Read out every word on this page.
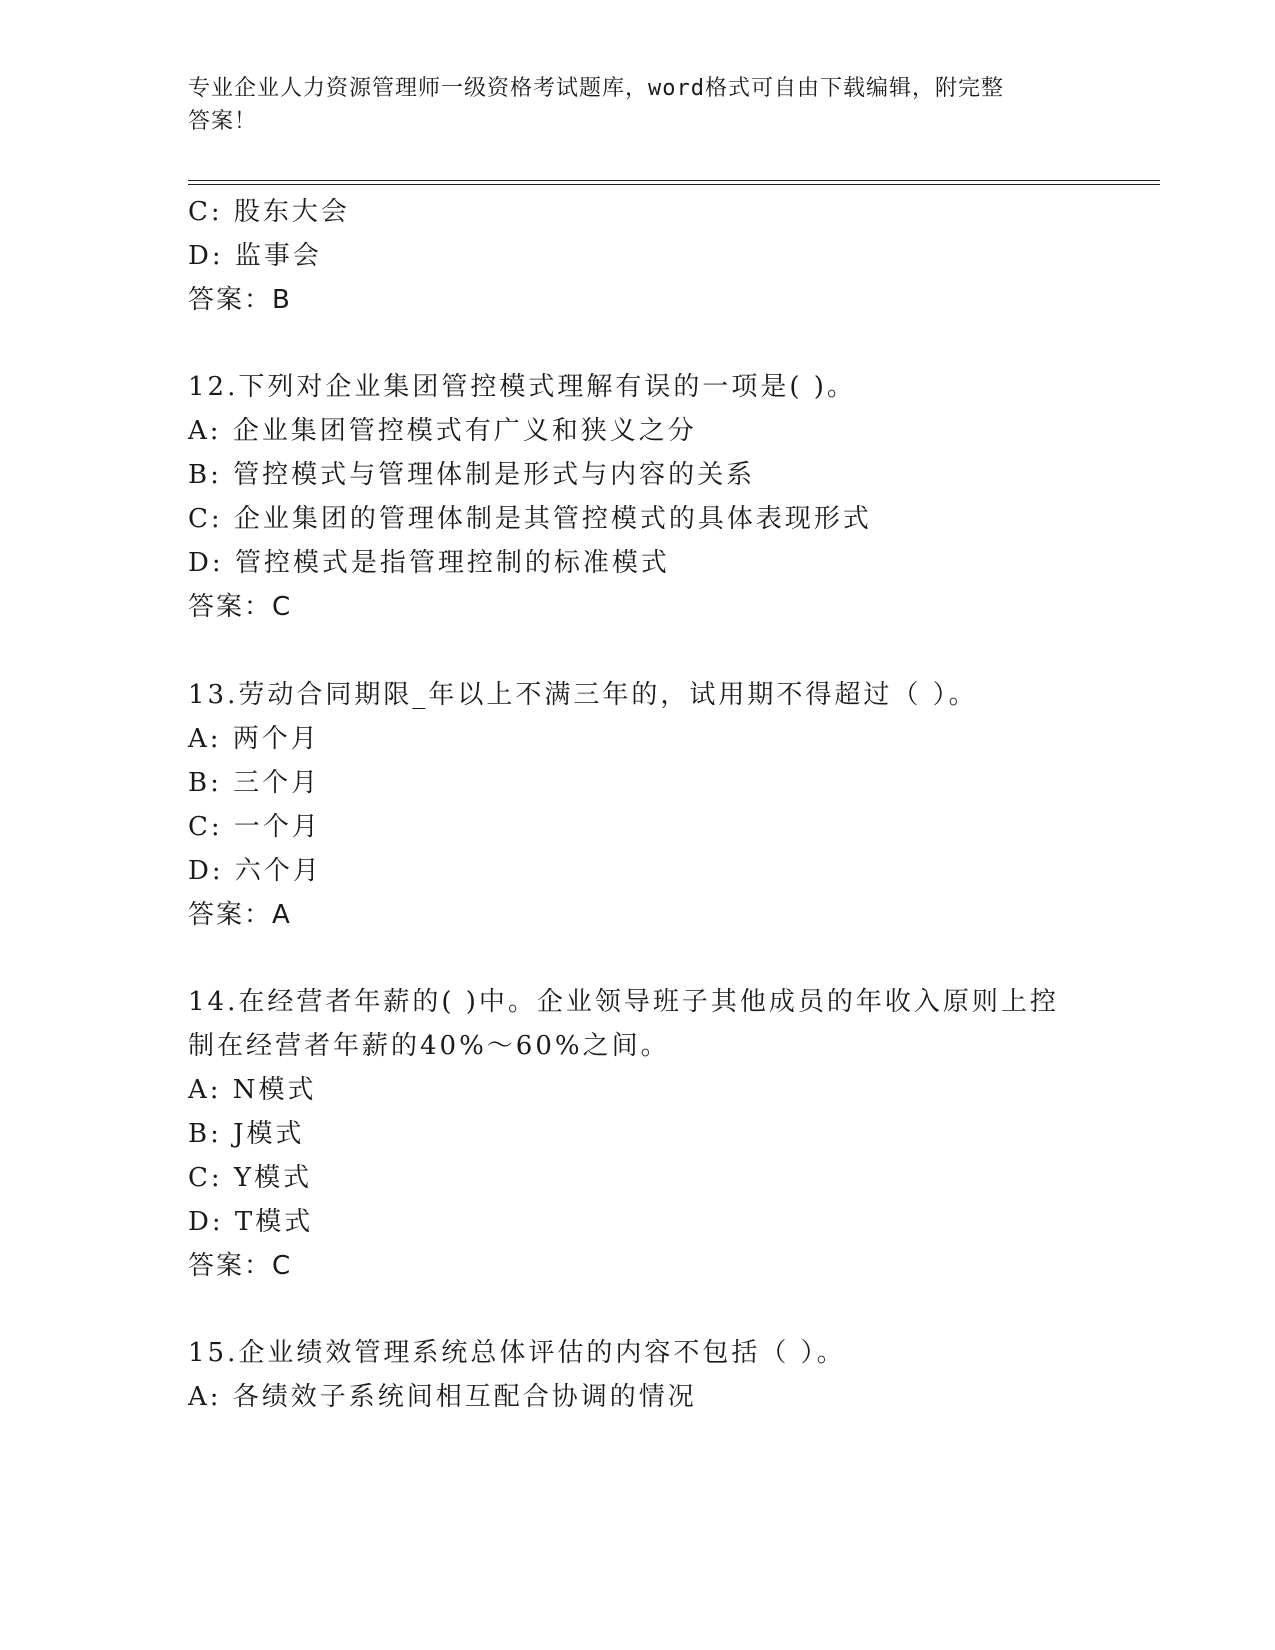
专业企业人力资源管理师一级资格考试题库，word格式可自由下载编辑，附完整
答案！
C: 股东大会
D: 监事会
答案：B
12.下列对企业集团管控模式理解有误的一项是( )。
A: 企业集团管控模式有广义和狭义之分
B: 管控模式与管理体制是形式与内容的关系
C: 企业集团的管理体制是其管控模式的具体表现形式
D: 管控模式是指管理控制的标准模式
答案：C
13.劳动合同期限_年以上不满三年的，试用期不得超过（ ）。
A: 两个月
B: 三个月
C: 一个月
D: 六个月
答案：A
14.在经营者年薪的( )中。企业领导班子其他成员的年收入原则上控
制在经营者年薪的40%～60%之间。
A: N模式
B: J模式
C: Y模式
D: T模式
答案：C
15.企业绩效管理系统总体评估的内容不包括（ ）。
A: 各绩效子系统间相互配合协调的情况
